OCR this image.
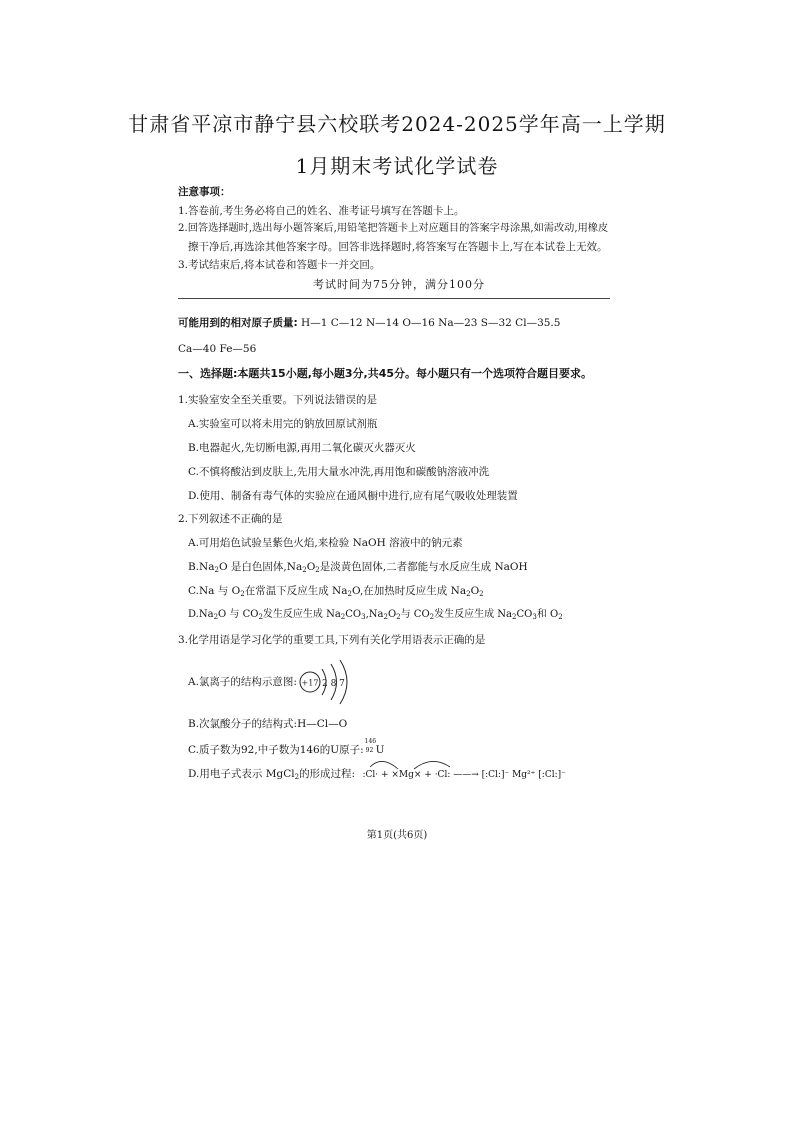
甘肃省平凉市静宁县六校联考2024-2025学年高一上学期
1月期末考试化学试卷
注意事项：
1.答卷前,考生务必将自己的姓名、准考证号填写在答题卡上。
2.回答选择题时,选出每小题答案后,用铅笔把答题卡上对应题目的答案字母涂黑,如需改动,用橡皮
擦干净后,再选涂其他答案字母。回答非选择题时,将答案写在答题卡上,写在本试卷上无效。
3.考试结束后,将本试卷和答题卡一并交回。
考试时间为75分钟，满分100分
可能用到的相对原子质量: H—1 C—12 N—14 O—16 Na—23 S—32 Cl—35.5
Ca—40 Fe—56
一、选择题:本题共15小题,每小题3分,共45分。每小题只有一个选项符合题目要求。
1.实验室安全至关重要。下列说法错误的是
A.实验室可以将未用完的钠放回原试剂瓶
B.电器起火,先切断电源,再用二氧化碳灭火器灭火
C.不慎将酸沾到皮肤上,先用大量水冲洗,再用饱和碳酸钠溶液冲洗
D.使用、制备有毒气体的实验应在通风橱中进行,应有尾气吸收处理装置
2.下列叙述不正确的是
A.可用焰色试验呈紫色火焰,来检验 NaOH 溶液中的钠元素
$B.Na_2O$ 是白色固体$,Na_2O_2$是淡黄色固体,二者都能与水反应生成 NaOH
C.Na 与 $O_2$在常温下反应生成 $Na_2O$,在加热时反应生成 $Na_2O_2$
$D.Na_2O$ 与 $CO_2$发生反应生成 $Na_2CO_3,Na_2O_2$与 $CO_2$发生反应生成 $Na_2CO_3$和 $O_2$
3.化学用语是学习化学的重要工具,下列有关化学用语表示正确的是
A.氯离子的结构示意图: +17 2 8 7
B.次氯酸分子的结构式:H—Cl—O
C.质子数为92,中子数为146的U原子:
146
92 U
D.用电子式表示 MgCl$_2$的形成过程: :Cl· + ×Mg× + ·Cl: ——→ [:Cl:]⁻ Mg²⁺ [:Cl:]⁻
第1页(共6页)
